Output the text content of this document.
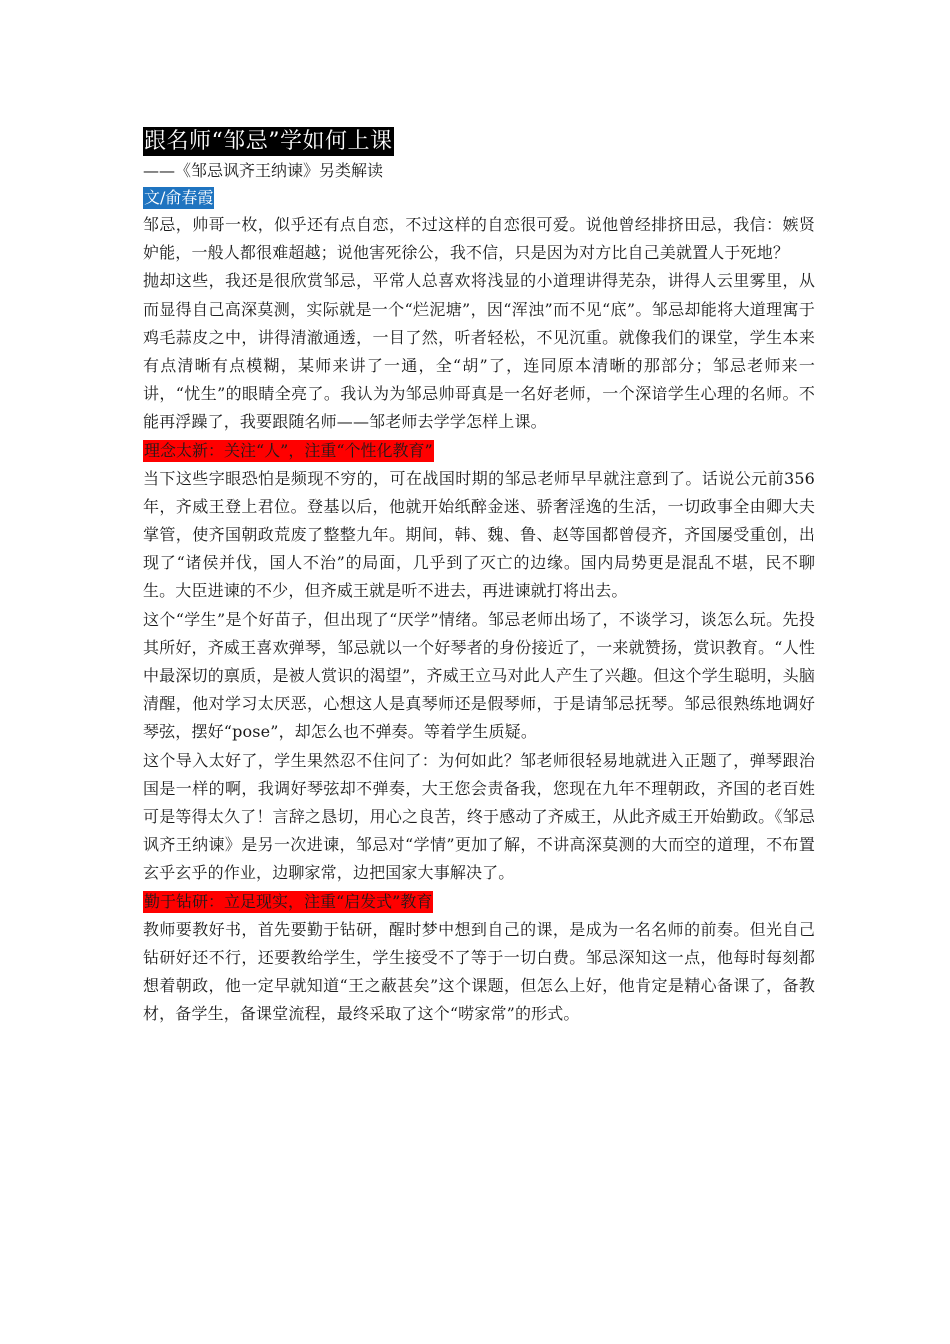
跟名师“邹忌”学如何上课
——《邹忌讽齐王纳谏》另类解读
文/俞春霞

邹忌，帅哥一枚，似乎还有点自恋，不过这样的自恋很可爱。说他曾经排挤田忌，我信：嫉贤妒能，一般人都很难超越；说他害死徐公，我不信，只是因为对方比自己美就置人于死地？

抛却这些，我还是很欣赏邹忌，平常人总喜欢将浅显的小道理讲得芜杂，讲得人云里雾里，从而显得自己高深莫测，实际就是一个“烂泥塘”，因“浑浊”而不见“底”。邹忌却能将大道理寓于鸡毛蒜皮之中，讲得清澈通透，一目了然，听者轻松，不见沉重。就像我们的课堂，学生本来有点清晰有点模糊，某师来讲了一通，全“胡”了，连同原本清晰的那部分；邹忌老师来一讲，“忧生”的眼睛全亮了。我认为为邹忌帅哥真是一名好老师，一个深谙学生心理的名师。不能再浮躁了，我要跟随名师——邹老师去学学怎样上课。

理念太新：关注“人”，注重“个性化教育”

当下这些字眼恐怕是频现不穷的，可在战国时期的邹忌老师早早就注意到了。话说公元前356年，齐威王登上君位。登基以后，他就开始纸醉金迷、骄奢淫逸的生活，一切政事全由卿大夫掌管，使齐国朝政荒废了整整九年。期间，韩、魏、鲁、赵等国都曾侵齐，齐国屡受重创，出现了“诸侯并伐，国人不治”的局面，几乎到了灭亡的边缘。国内局势更是混乱不堪，民不聊生。大臣进谏的不少，但齐威王就是听不进去，再进谏就打将出去。

这个“学生”是个好苗子，但出现了“厌学”情绪。邹忌老师出场了，不谈学习，谈怎么玩。先投其所好，齐威王喜欢弹琴，邹忌就以一个好琴者的身份接近了，一来就赞扬，赏识教育。“人性中最深切的禀质，是被人赏识的渴望”，齐威王立马对此人产生了兴趣。但这个学生聪明，头脑清醒，他对学习太厌恶，心想这人是真琴师还是假琴师，于是请邹忌抚琴。邹忌很熟练地调好琴弦，摆好“pose”，却怎么也不弹奏。等着学生质疑。

这个导入太好了，学生果然忍不住问了：为何如此？邹老师很轻易地就进入正题了，弹琴跟治国是一样的啊，我调好琴弦却不弹奏，大王您会责备我，您现在九年不理朝政，齐国的老百姓可是等得太久了！言辞之恳切，用心之良苦，终于感动了齐威王，从此齐威王开始勤政。《邹忌讽齐王纳谏》是另一次进谏，邹忌对“学情”更加了解，不讲高深莫测的大而空的道理，不布置玄乎玄乎的作业，边聊家常，边把国家大事解决了。

勤于钻研：立足现实，注重“启发式”教育

教师要教好书，首先要勤于钻研，醒时梦中想到自己的课，是成为一名名师的前奏。但光自己钻研好还不行，还要教给学生，学生接受不了等于一切白费。邹忌深知这一点，他每时每刻都想着朝政，他一定早就知道“王之蔽甚矣”这个课题，但怎么上好，他肯定是精心备课了，备教材，备学生，备课堂流程，最终采取了这个“唠家常”的形式。
